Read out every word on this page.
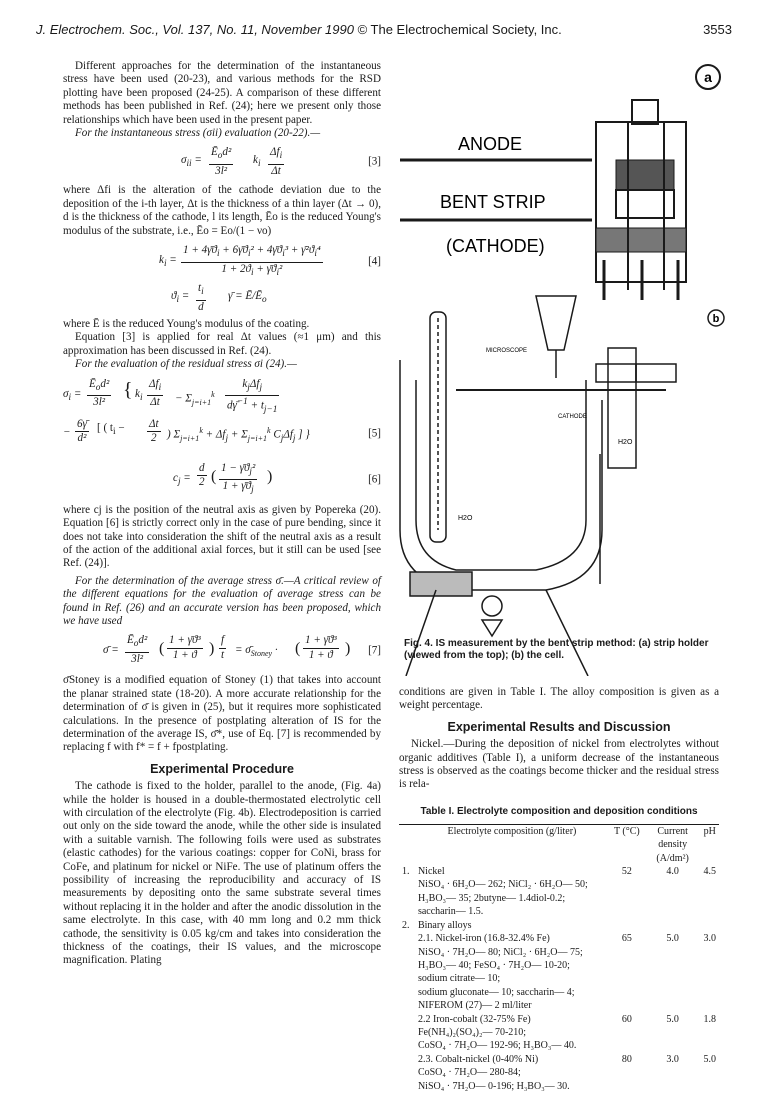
J. Electrochem. Soc., Vol. 137, No. 11, November 1990 © The Electrochemical Society, Inc.	3553

Different approaches for the determination of the instantaneous stress have been used (20-23), and various methods for the RSD plotting have been proposed (24-25). A comparison of these different methods has been published in Ref. (24); here we present only those relationships which have been used in the present paper.

For the instantaneous stress (σii) evaluation (20-22).—

$\sigma_{ii}$ =
$Ē_od^2$
3l²
$k_i$
$\Delta f_i$
Δt
[3]

where Δfi is the alteration of the cathode deviation due to the deposition of the i-th layer, Δt is the thickness of a thin layer (Δt → 0), d is the thickness of the cathode, l its length, Ēo is the reduced Young's modulus of the substrate, i.e., Ēo = Eo/(1 − νo)

$k_i = \frac{1 + 4\gammāϑ_i + 6\gammāϑ_i^2 + 4\gammāϑ_i^3 + \gammā^2ϑ_i^4}{1 + 2ϑ_i + \gammāϑ_i^2}$	[4]
$ϑ_i = \frac{t_i}{d}$ γ̄ = $Ē/Ē_o$

where Ē is the reduced Young's modulus of the coating.

Equation [3] is applied for real Δt values (≈1 μm) and this approximation has been discussed in Ref. (24).

For the evaluation of the residual stress σi (24).—

$\sigma_i$ =
$Ē_od^2$
3l²
{ $k_i$
$\Delta f_i$
$\Delta t - \Sigma_{j=i+1}^k$
$k_j\Delta f_j$
dγ̄$^{-1}$ + $t_{j-1}$
− $\frac{6\gammā}{\text{d²}}$ [ ( $t_i - \frac{\Delta t}{2}$ ) $\Sigma_{j=i+1}^k + \Delta f_j + \Sigma_{j=i+1}^k$ $C_j\Delta f_j$ ] }	[5]
$c_j = \frac{d}{2}$ ( $\frac{1 - \gammāϑ_j^2}{1 + \gammāϑ_j}$ )	[6]

where cj is the position of the neutral axis as given by Popereka (20). Equation [6] is strictly correct only in the case of pure bending, since it does not take into consideration the shift of the neutral axis as a result of the action of the additional axial forces, but it still can be used [see Ref. (24)].

For the determination of the average stress σ̄.—A critical review of the different equations for the evaluation of average stress can be found in Ref. (26) and an accurate version has been proposed, which we have used

σ̄ =
$Ē_od^2$
3l²
( $\frac{\text{1 + γ̄ϑ³}}{1 + ϑ}$ ) $\frac{f}{t}$ = $\sigmā_{Stoney}$ · ( $\frac{\text{1 + γ̄ϑ³}}{1 + ϑ}$ ) [7]

σ̄Stoney is a modified equation of Stoney (1) that takes into account the planar strained state (18-20). A more accurate relationship for the determination of σ̄ is given in (25), but it requires more sophisticated calculations. In the presence of postplating alteration of IS for the determination of the average IS, σ̄*, use of Eq. [7] is recommended by replacing f with f* = f + fpostplating.

Experimental Procedure

The cathode is fixed to the holder, parallel to the anode, (Fig. 4a) while the holder is housed in a double-thermostated electrolytic cell with circulation of the electrolyte (Fig. 4b). Electrodeposition is carried out only on the side toward the anode, while the other side is insulated with a suitable varnish. The following foils were used as substrates (elastic cathodes) for the various coatings: copper for CoNi, brass for CoFe, and platinum for nickel or NiFe. The use of platinum offers the possibility of increasing the reproducibility and accuracy of IS measurements by depositing onto the same substrate several times without replacing it in the holder and after the anodic dissolution in the same electrolyte. In this case, with 40 mm long and 0.2 mm thick cathode, the sensitivity is 0.05 kg/cm and takes into consideration the thickness of the coatings, their IS values, and the microscope magnification. Plating

a
ANODE
BENT STRIP
(CATHODE)
b
MICROSCOPE
CATHODE
H2O
H2O
Fig. 4. IS measurement by the bent strip method: (a) strip holder (viewed from the top); (b) the cell.

conditions are given in Table I. The alloy composition is given as a weight percentage.

Experimental Results and Discussion

Nickel.—During the deposition of nickel from electrolytes without organic additives (Table I), a uniform decrease of the instantaneous stress is observed as the coatings become thicker and the residual stress is rela-

Table I. Electrolyte composition and deposition conditions
	Electrolyte composition (g/liter)	T (°C)	Current density (A/dm²)	pH
1.	Nickel	52	4.0	4.5
	NiSO₄ · 6H₂O— 262; NiCl₂ · 6H₂O— 50;			
	H₃BO₃— 35; 2butyne— 1.4diol-0.2;			
	saccharin— 1.5.			
2.	Binary alloys			
	2.1. Nickel-iron (16.8-32.4% Fe)	65	5.0	3.0
	NiSO₄ · 7H₂O— 80; NiCl₂ · 6H₂O— 75;			
	H₃BO₃— 40; FeSO₄ · 7H₂O— 10-20;			
	sodium citrate— 10;			
	sodium gluconate— 10; saccharin— 4;			
	NIFEROM (27)— 2 ml/liter			
	2.2 Iron-cobalt (32-75% Fe)	60	5.0	1.8
	Fe(NH₄)₂(SO₄)₂— 70-210;			
	CoSO₄ · 7H₂O— 192-96; H₃BO₃— 40.			
	2.3. Cobalt-nickel (0-40% Ni)	80	3.0	5.0
	CoSO₄ · 7H₂O— 280-84;			
	NiSO₄ · 7H₂O— 0-196; H₃BO₃— 30.			
